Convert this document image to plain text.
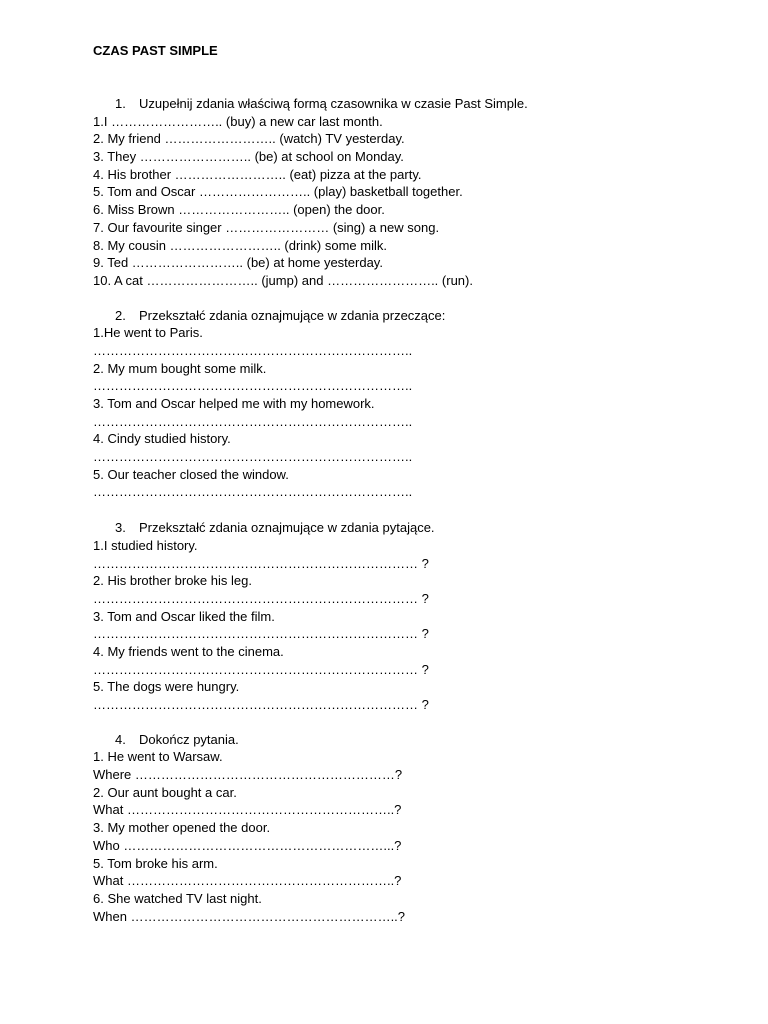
CZAS PAST SIMPLE
1. Uzupełnij zdania właściwą formą czasownika w czasie Past Simple.
1.I …………………….. (buy) a new car last month.
2. My friend …………………….. (watch) TV yesterday.
3. They …………………….. (be) at school on Monday.
4. His brother …………………….. (eat) pizza at the party.
5. Tom and Oscar …………………….. (play) basketball together.
6. Miss Brown …………………….. (open) the door.
7. Our favourite singer …………………… (sing) a new song.
8. My cousin …………………….. (drink) some milk.
9. Ted …………………….. (be) at home yesterday.
10. A cat …………………….. (jump) and …………………….. (run).
2. Przekształć zdania oznajmujące w zdania przeczące:
1.He went to Paris.
………………………………………………………………..
2. My mum bought some milk.
………………………………………………………………..
3. Tom and Oscar helped me with my homework.
………………………………………………………………..
4. Cindy studied history.
………………………………………………………………..
5. Our teacher closed the window.
………………………………………………………………..
3. Przekształć zdania oznajmujące w zdania pytające.
1.I studied history.
………………………………………………………………… ?
2. His brother broke his leg.
………………………………………………………………… ?
3. Tom and Oscar liked the film.
………………………………………………………………… ?
4. My friends went to the cinema.
………………………………………………………………… ?
5. The dogs were hungry.
………………………………………………………………… ?
4. Dokończ pytania.
1. He went to Warsaw.
Where ……………………………………………………?
2. Our aunt bought a car.
What ……………………………………………………..?
3. My mother opened the door.
Who ……………………………………………………...?
5. Tom broke his arm.
What ……………………………………………………..?
6. She watched TV last night.
When ……………………………………………………..?
